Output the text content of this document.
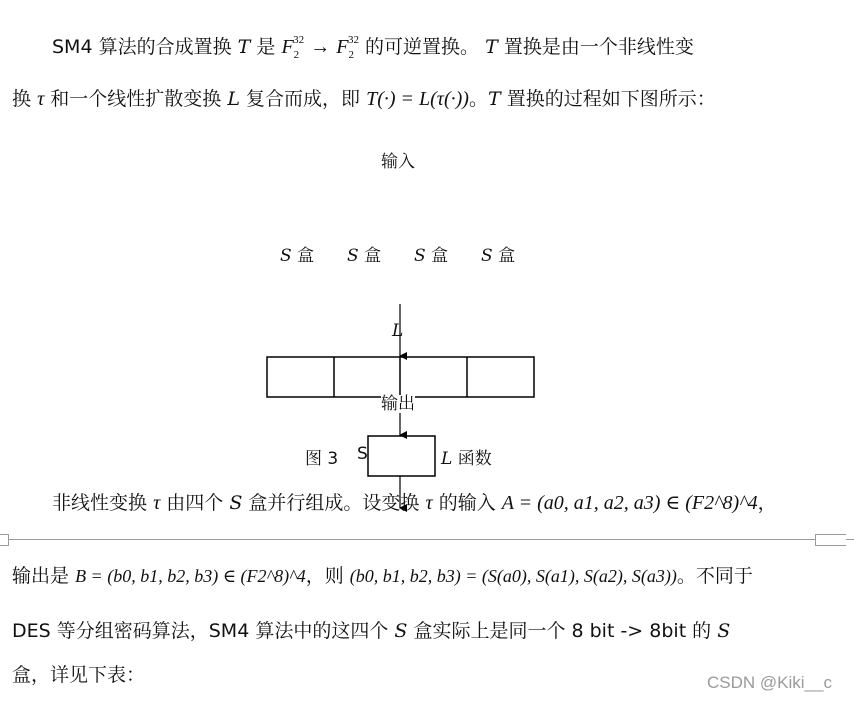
SM4 算法的合成置换 T 是 $F_2^{32} \to F_2^{32}$ 的可逆置换。 T 置换是由一个非线性变
换 τ 和一个线性扩散变换 L 复合而成，即 T(·) = L(τ(·))。T 置换的过程如下图所示：
输入
S 盒 S 盒 S 盒 S 盒
L
输出
图 3 S	L 函数
非线性变换 τ 由四个 S 盒并行组成。设变换 τ 的输入 A = (a0, a1, a2, a3) ∈ (F2^8)^4，
输出是 B = (b0, b1, b2, b3) ∈ (F2^8)^4，则 (b0, b1, b2, b3) = (S(a0), S(a1), S(a2), S(a3))。不同于
DES 等分组密码算法，SM4 算法中的这四个 S 盒实际上是同一个 8 bit -> 8bit 的 S
盒，详见下表：	CSDN @Kiki__c
